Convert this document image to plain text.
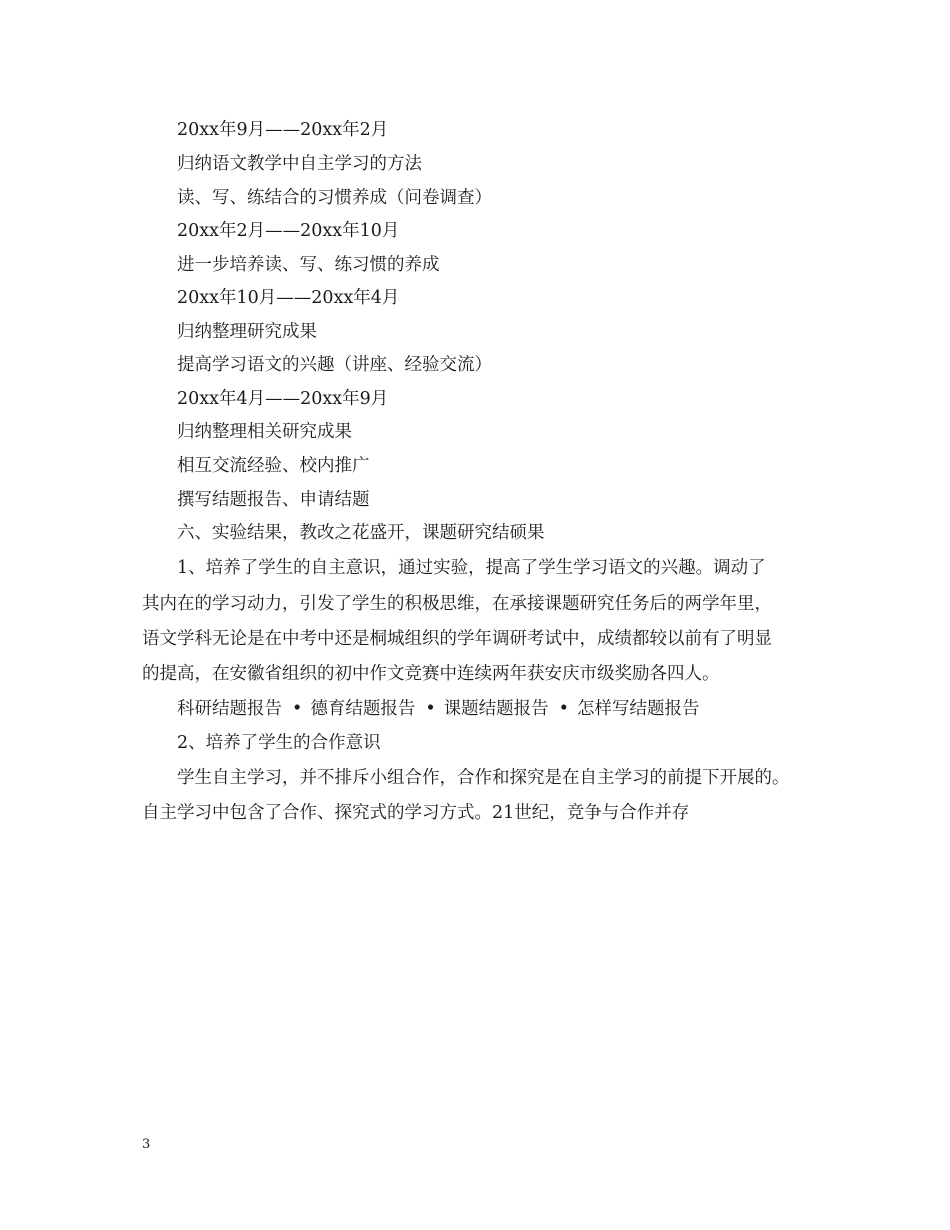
20xx年9月——20xx年2月
归纳语文教学中自主学习的方法
读、写、练结合的习惯养成（问卷调查）
20xx年2月——20xx年10月
进一步培养读、写、练习惯的养成
20xx年10月——20xx年4月
归纳整理研究成果
提高学习语文的兴趣（讲座、经验交流）
20xx年4月——20xx年9月
归纳整理相关研究成果
相互交流经验、校内推广
撰写结题报告、申请结题
六、实验结果，教改之花盛开，课题研究结硕果
1、培养了学生的自主意识，通过实验，提高了学生学习语文的兴趣。调动了
其内在的学习动力，引发了学生的积极思维，在承接课题研究任务后的两学年里，
语文学科无论是在中考中还是桐城组织的学年调研考试中，成绩都较以前有了明显
的提高，在安徽省组织的初中作文竞赛中连续两年获安庆市级奖励各四人。
科研结题报告 • 德育结题报告 • 课题结题报告 • 怎样写结题报告
2、培养了学生的合作意识
学生自主学习，并不排斥小组合作，合作和探究是在自主学习的前提下开展的。
自主学习中包含了合作、探究式的学习方式。21世纪，竞争与合作并存
3
